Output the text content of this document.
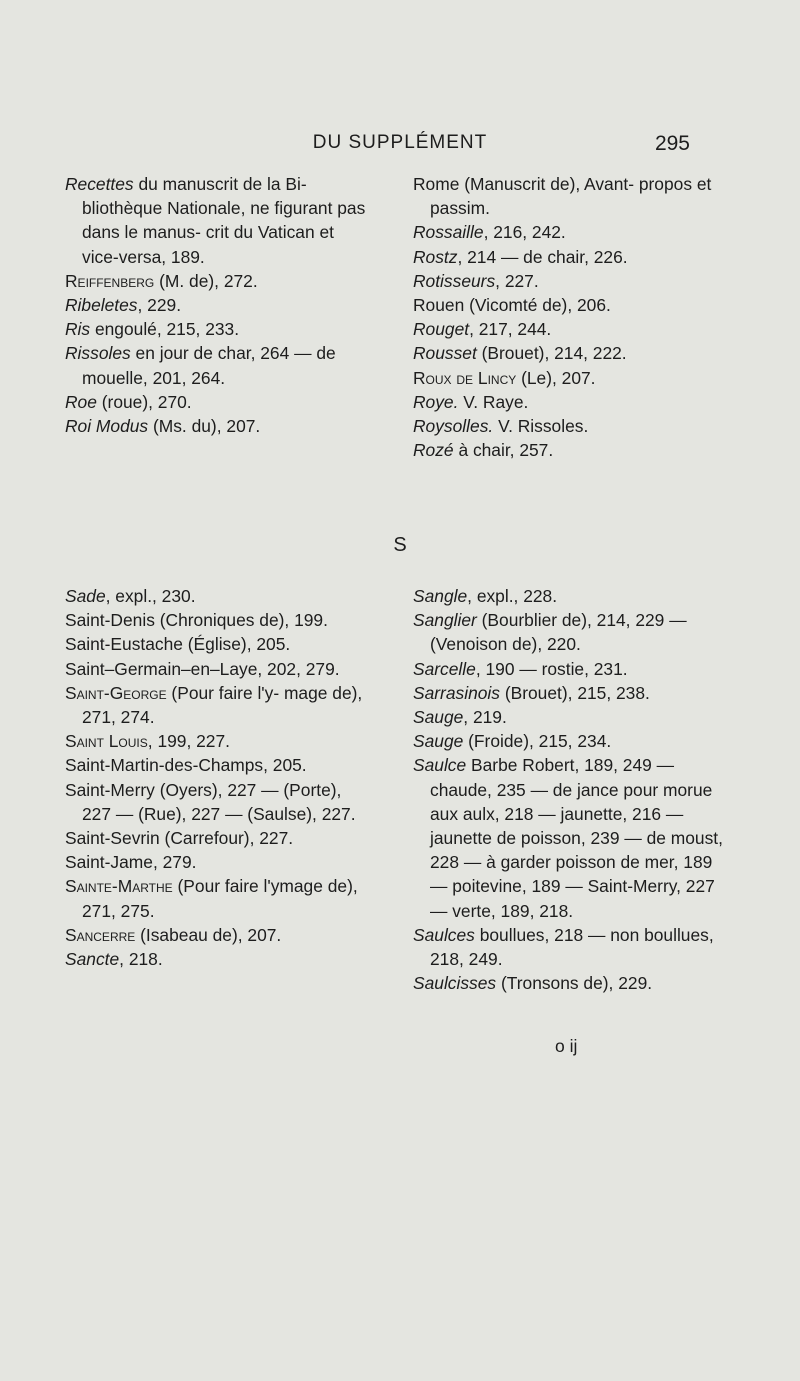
DU SUPPLÉMENT	295

Recettes du manuscrit de la Bi- bliothèque Nationale, ne figurant pas dans le manus- crit du Vatican et vice-versa, 189.

Reiffenberg (M. de), 272.

Ribeletes, 229.

Ris engoulé, 215, 233.

Rissoles en jour de char, 264 — de mouelle, 201, 264.

Roe (roue), 270.

Roi Modus (Ms. du), 207.

Rome (Manuscrit de), Avant- propos et passim.

Rossaille, 216, 242.

Rostz, 214 — de chair, 226.

Rotisseurs, 227.

Rouen (Vicomté de), 206.

Rouget, 217, 244.

Rousset (Brouet), 214, 222.

Roux de Lincy (Le), 207.

Roye. V. Raye.

Roysolles. V. Rissoles.

Rozé à chair, 257.

S

Sade, expl., 230.

Saint-Denis (Chroniques de), 199.

Saint-Eustache (Église), 205.

Saint–Germain–en–Laye, 202, 279.

Saint-George (Pour faire l'y- mage de), 271, 274.

Saint Louis, 199, 227.

Saint-Martin-des-Champs, 205.

Saint-Merry (Oyers), 227 — (Porte), 227 — (Rue), 227 — (Saulse), 227.

Saint-Sevrin (Carrefour), 227.

Saint-Jame, 279.

Sainte-Marthe (Pour faire l'ymage de), 271, 275.

Sancerre (Isabeau de), 207.

Sancte, 218.

Sangle, expl., 228.

Sanglier (Bourblier de), 214, 229 — (Venoison de), 220.

Sarcelle, 190 — rostie, 231.

Sarrasinois (Brouet), 215, 238.

Sauge, 219.

Sauge (Froide), 215, 234.

Saulce Barbe Robert, 189, 249 — chaude, 235 — de jance pour morue aux aulx, 218 — jaunette, 216 — jaunette de poisson, 239 — de moust, 228 — à garder poisson de mer, 189 — poitevine, 189 — Saint-Merry, 227 — verte, 189, 218.

Saulces boullues, 218 — non boullues, 218, 249.

Saulcisses (Tronsons de), 229.

o ij
